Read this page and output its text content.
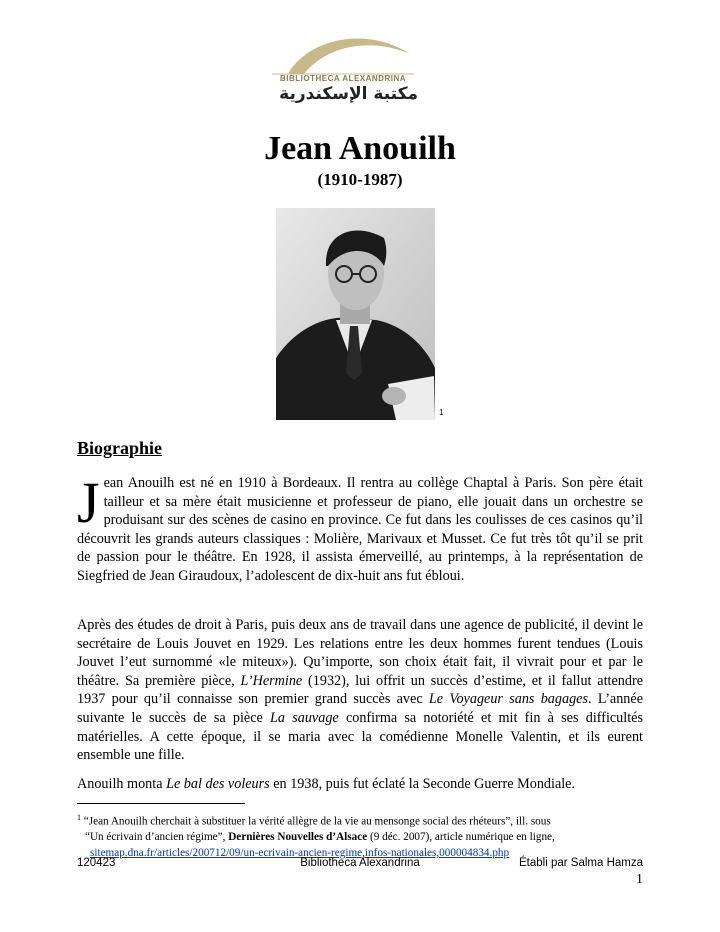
BIBLIOTHECA ALEXANDRINA
مكتبة الإسكندرية
Jean Anouilh
(1910-1987)
1
Biographie
Jean Anouilh est né en 1910 à Bordeaux. Il rentra au collège Chaptal à Paris. Son père était tailleur et sa mère était musicienne et professeur de piano, elle jouait dans un orchestre se produisant sur des scènes de casino en province. Ce fut dans les coulisses de ces casinos qu’il découvrit les grands auteurs classiques : Molière, Marivaux et Musset. Ce fut très tôt qu’il se prit de passion pour le théâtre. En 1928, il assista émerveillé, au printemps, à la représentation de Siegfried de Jean Giraudoux, l’adolescent de dix-huit ans fut ébloui.
Après des études de droit à Paris, puis deux ans de travail dans une agence de publicité, il devint le secrétaire de Louis Jouvet en 1929. Les relations entre les deux hommes furent tendues (Louis Jouvet l’eut surnommé «le miteux»). Qu’importe, son choix était fait, il vivrait pour et par le théâtre. Sa première pièce, L’Hermine (1932), lui offrit un succès d’estime, et il fallut attendre 1937 pour qu’il connaisse son premier grand succès avec Le Voyageur sans bagages. L’année suivante le succès de sa pièce La sauvage confirma sa notoriété et mit fin à ses difficultés matérielles. A cette époque, il se maria avec la comédienne Monelle Valentin, et ils eurent ensemble une fille.
Anouilh monta Le bal des voleurs en 1938, puis fut éclaté la Seconde Guerre Mondiale.
$^1$ “Jean Anouilh cherchait à substituer la vérité allègre de la vie au mensonge social des rhéteurs”, ill. sous
“Un écrivain d’ancien régime”, Dernières Nouvelles d’Alsace (9 déc. 2007), article numérique en ligne,
sitemap.dna.fr/articles/200712/09/un-ecrivain-ancien-regime,infos-nationales,000004834.php
120423	Bibliotheca Alexandrina	Établi par Salma Hamza
1
